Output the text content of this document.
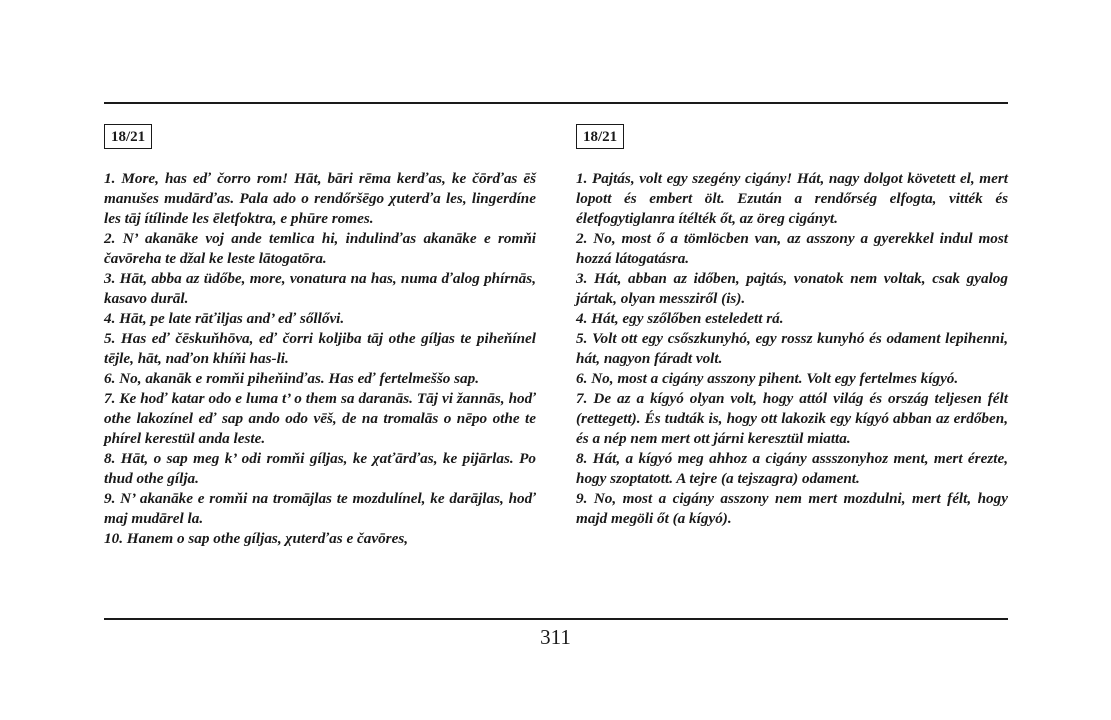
18/21

1. More, has eď čorro rom! Hāt, bāri rēma kerďas, ke čōrďas ēš manušes mudārďas. Pala ado o rendőršēgo χuterďa les, lingerdíne les tāj ítílinde les ēletfoktra, e phūre romes.

2. N’ akanāke voj ande temlica hi, indulinďas akanāke e romňi čavōreha te džal ke leste lātogatōra.

3. Hāt, abba az üdőbe, more, vonatura na has, numa ďalog phírnās, kasavo durāl.

4. Hāt, pe late rāťiljas and’ eď sőllővi.

5. Has eď čēskuňhōva, eď čorri koljiba tāj othe gíljas te piheňínel tējle, hāt, naďon khíňi has-li.

6. No, akanāk e romňi piheňinďas. Has eď fertelmeššo sap.

7. Ke hoď katar odo e luma t’ o them sa daranās. Tāj vi žannās, hoď othe lakozínel eď sap ando odo vēš, de na tromalās o nēpo othe te phírel kerestül anda leste.

8. Hāt, o sap meg k’ odi romňi gíljas, ke χaťārďas, ke pijārlas. Po thud othe gílja.

9. N’ akanāke e romňi na tromājlas te mozdulínel, ke darājlas, hoď maj mudārel la.

10. Hanem o sap othe gíljas, χuterďas e čavōres,

18/21

1. Pajtás, volt egy szegény cigány! Hát, nagy dolgot követett el, mert lopott és embert ölt. Ezután a rendőrség elfogta, vitték és életfogytiglanra ítélték őt, az öreg cigányt.

2. No, most ő a tömlöcben van, az asszony a gyerekkel indul most hozzá látogatásra.

3. Hát, abban az időben, pajtás, vonatok nem voltak, csak gyalog jártak, olyan messziről (is).

4. Hát, egy szőlőben esteledett rá.

5. Volt ott egy csőszkunyhó, egy rossz kunyhó és odament lepihenni, hát, nagyon fáradt volt.

6. No, most a cigány asszony pihent. Volt egy fertelmes kígyó.

7. De az a kígyó olyan volt, hogy attól világ és ország teljesen félt (rettegett). És tudták is, hogy ott lakozik egy kígyó abban az erdőben, és a nép nem mert ott járni keresztül miatta.

8. Hát, a kígyó meg ahhoz a cigány assszonyhoz ment, mert érezte, hogy szoptatott. A tejre (a tejszagra) odament.

9. No, most a cigány asszony nem mert mozdulni, mert félt, hogy majd megöli őt (a kígyó).

311
